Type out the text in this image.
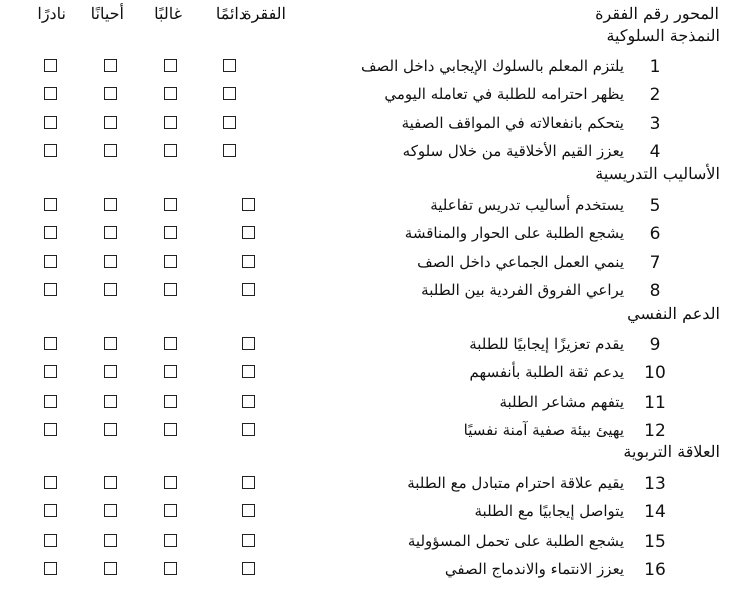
المحور
رقم الفقرة
الفقرة
دائمًا
غالبًا
أحيانًا
نادرًا
النمذجة السلوكية
1
يلتزم المعلم بالسلوك الإيجابي داخل الصف
2
يظهر احترامه للطلبة في تعامله اليومي
3
يتحكم بانفعالاته في المواقف الصفية
4
يعزز القيم الأخلاقية من خلال سلوكه
الأساليب التدريسية
5
يستخدم أساليب تدريس تفاعلية
6
يشجع الطلبة على الحوار والمناقشة
7
ينمي العمل الجماعي داخل الصف
8
يراعي الفروق الفردية بين الطلبة
الدعم النفسي
9
يقدم تعزيزًا إيجابيًا للطلبة
10
يدعم ثقة الطلبة بأنفسهم
11
يتفهم مشاعر الطلبة
12
يهيئ بيئة صفية آمنة نفسيًا
العلاقة التربوية
13
يقيم علاقة احترام متبادل مع الطلبة
14
يتواصل إيجابيًا مع الطلبة
15
يشجع الطلبة على تحمل المسؤولية
16
يعزز الانتماء والاندماج الصفي
